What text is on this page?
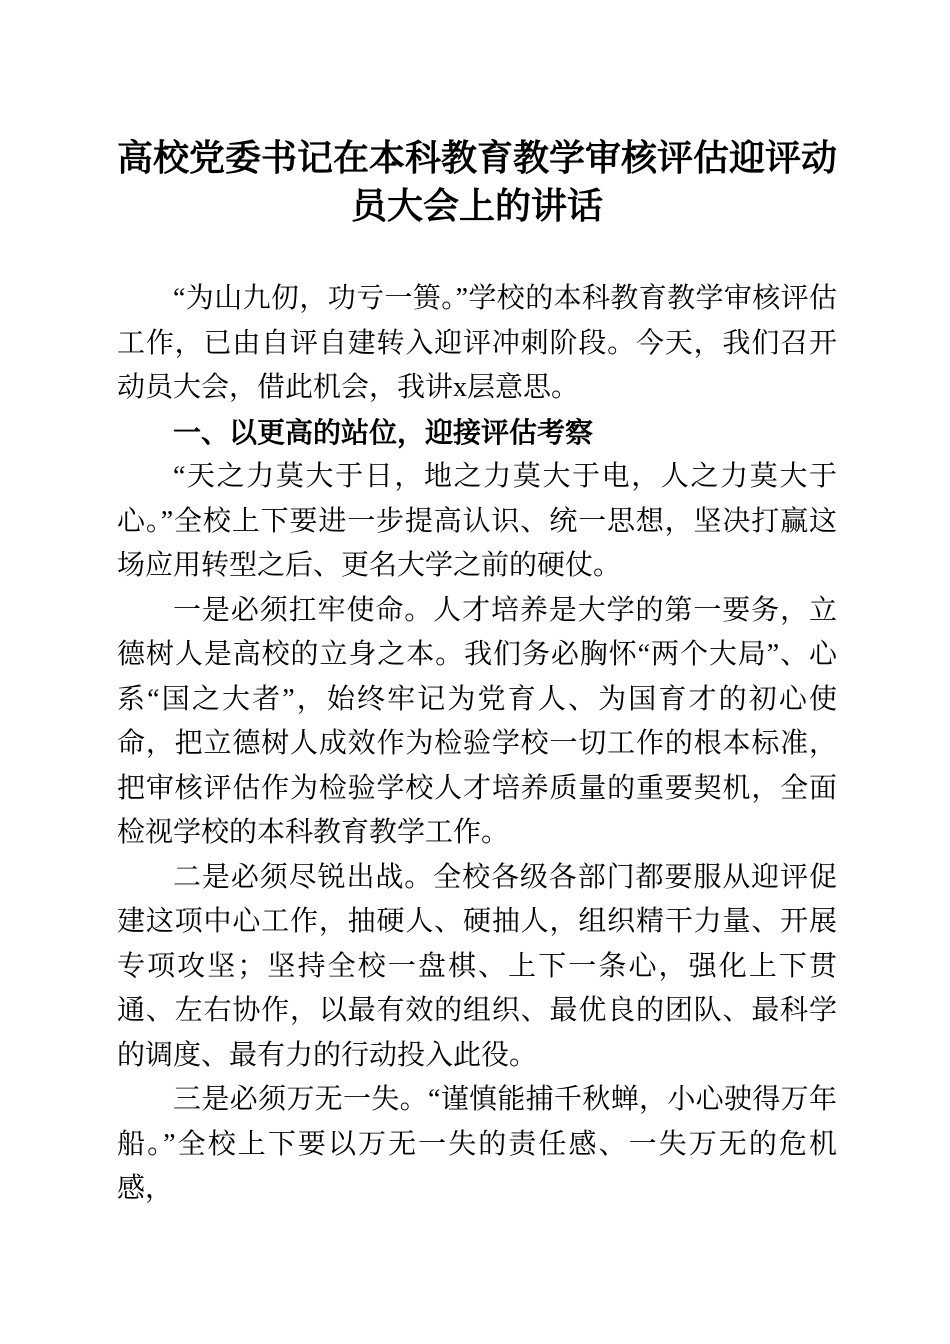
高校党委书记在本科教育教学审核评估迎评动员大会上的讲话

“为山九仞，功亏一篑。”学校的本科教育教学审核评估工作，已由自评自建转入迎评冲刺阶段。今天，我们召开动员大会，借此机会，我讲x层意思。

一、以更高的站位，迎接评估考察

“天之力莫大于日，地之力莫大于电，人之力莫大于心。”全校上下要进一步提高认识、统一思想，坚决打赢这场应用转型之后、更名大学之前的硬仗。

一是必须扛牢使命。人才培养是大学的第一要务，立德树人是高校的立身之本。我们务必胸怀“两个大局”、心系“国之大者”，始终牢记为党育人、为国育才的初心使命，把立德树人成效作为检验学校一切工作的根本标准，把审核评估作为检验学校人才培养质量的重要契机，全面检视学校的本科教育教学工作。

二是必须尽锐出战。全校各级各部门都要服从迎评促建这项中心工作，抽硬人、硬抽人，组织精干力量、开展专项攻坚；坚持全校一盘棋、上下一条心，强化上下贯通、左右协作，以最有效的组织、最优良的团队、最科学的调度、最有力的行动投入此役。

三是必须万无一失。“谨慎能捕千秋蝉，小心驶得万年船。”全校上下要以万无一失的责任感、一失万无的危机感，
